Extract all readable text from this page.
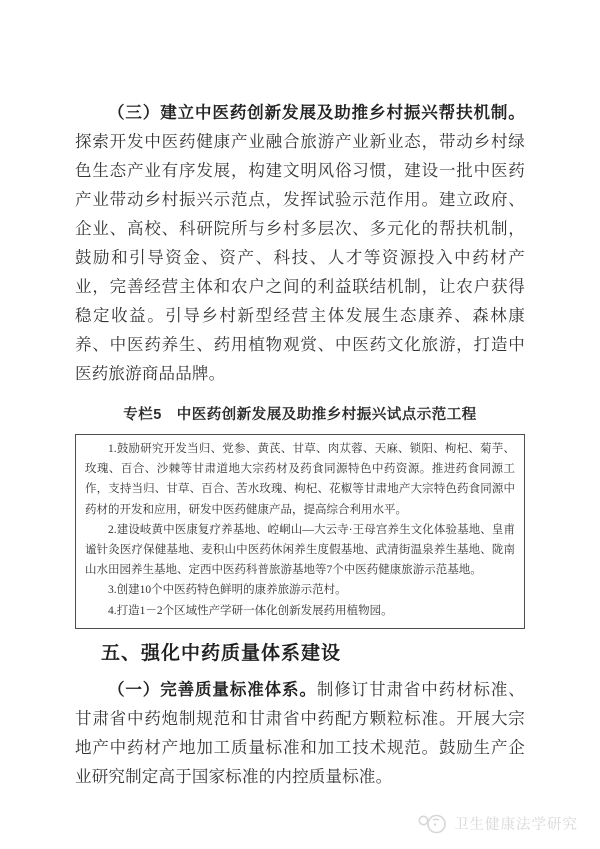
（三）建立中医药创新发展及助推乡村振兴帮扶机制。探索开发中医药健康产业融合旅游产业新业态，带动乡村绿色生态产业有序发展，构建文明风俗习惯，建设一批中医药产业带动乡村振兴示范点，发挥试验示范作用。建立政府、企业、高校、科研院所与乡村多层次、多元化的帮扶机制，鼓励和引导资金、资产、科技、人才等资源投入中药材产业，完善经营主体和农户之间的利益联结机制，让农户获得稳定收益。引导乡村新型经营主体发展生态康养、森林康养、中医药养生、药用植物观赏、中医药文化旅游，打造中医药旅游商品品牌。

专栏5　中医药创新发展及助推乡村振兴试点示范工程

1.鼓励研究开发当归、党参、黄芪、甘草、肉苁蓉、天麻、锁阳、枸杞、菊芋、玫瑰、百合、沙棘等甘肃道地大宗药材及药食同源特色中药资源。推进药食同源工作，支持当归、甘草、百合、苦水玫瑰、枸杞、花椒等甘肃地产大宗特色药食同源中药材的开发和应用，研发中医药健康产品，提高综合利用水平。

2.建设岐黄中医康复疗养基地、崆峒山—大云寺·王母宫养生文化体验基地、皇甫谧针灸医疗保健基地、麦积山中医药休闲养生度假基地、武清街温泉养生基地、陇南山水田园养生基地、定西中医药科普旅游基地等7个中医药健康旅游示范基地。

3.创建10个中医药特色鲜明的康养旅游示范村。

4.打造1－2个区域性产学研一体化创新发展药用植物园。

五、强化中药质量体系建设

（一）完善质量标准体系。制修订甘肃省中药材标准、甘肃省中药炮制规范和甘肃省中药配方颗粒标准。开展大宗地产中药材产地加工质量标准和加工技术规范。鼓励生产企业研究制定高于国家标准的内控质量标准。

卫生健康法学研究
